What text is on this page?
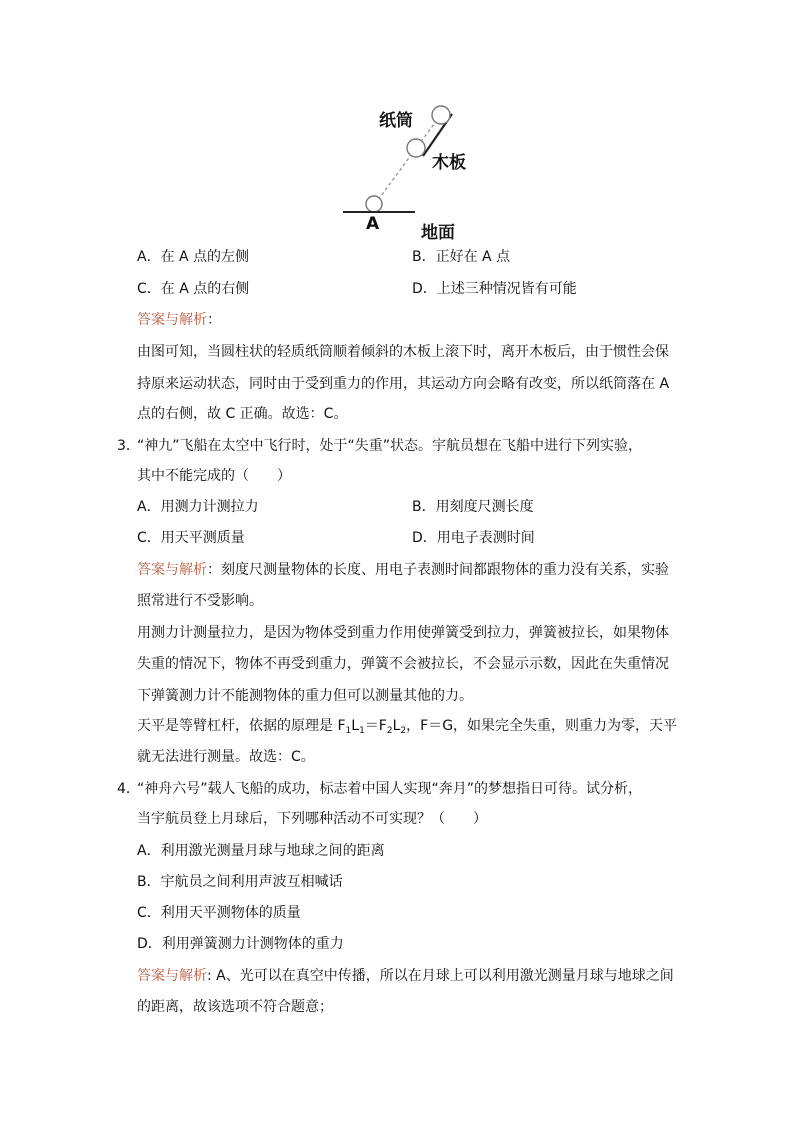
纸筒
木板
A 地面
A．在 A 点的左侧	B．正好在 A 点
C．在 A 点的右侧	D．上述三种情况皆有可能
答案与解析：
由图可知，当圆柱状的轻质纸筒顺着倾斜的木板上滚下时，离开木板后，由于惯性会保
持原来运动状态，同时由于受到重力的作用，其运动方向会略有改变，所以纸筒落在 A
点的右侧，故 C 正确。故选：C。
3．
“神九”飞船在太空中飞行时，处于“失重”状态。宇航员想在飞船中进行下列实验，
其中不能完成的（　　）
A．用测力计测拉力	B．用刻度尺测长度
C．用天平测质量	D．用电子表测时间
答案与解析：刻度尺测量物体的长度、用电子表测时间都跟物体的重力没有关系，实验
照常进行不受影响。
用测力计测量拉力，是因为物体受到重力作用使弹簧受到拉力，弹簧被拉长，如果物体
失重的情况下，物体不再受到重力，弹簧不会被拉长，不会显示示数，因此在失重情况
下弹簧测力计不能测物体的重力但可以测量其他的力。
天平是等臂杠杆，依据的原理是 $F_1L_1=F_2L_2$，F＝G，如果完全失重，则重力为零，天平
就无法进行测量。故选：C。
4．
“神舟六号”载人飞船的成功，标志着中国人实现“奔月”的梦想指日可待。试分析，
当宇航员登上月球后，下列哪种活动不可实现？（　　）
A．利用激光测量月球与地球之间的距离
B．宇航员之间利用声波互相喊话
C．利用天平测物体的质量
D．利用弹簧测力计测物体的重力
答案与解析: A、光可以在真空中传播，所以在月球上可以利用激光测量月球与地球之间
的距离，故该选项不符合题意；
